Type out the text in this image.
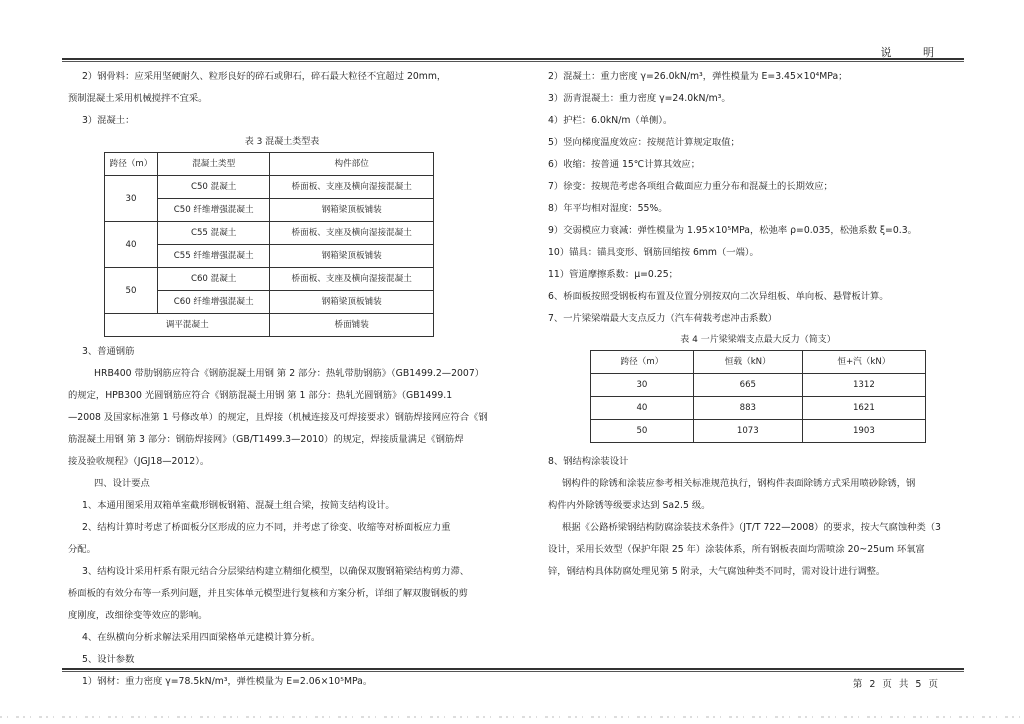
说 明
2）钢骨料：应采用坚硬耐久、粒形良好的碎石或卵石，碎石最大粒径不宜超过 20mm，
预制混凝土采用机械搅拌不宜采。
3）混凝土：
表 3 混凝土类型表
跨径（m）	混凝土类型	构件部位
30	C50 混凝土	桥面板、支座及横向湿接混凝土
	C50 纤维增强混凝土	钢箱梁顶板铺装
40	C55 混凝土	桥面板、支座及横向湿接混凝土
	C55 纤维增强混凝土	钢箱梁顶板铺装
50	C60 混凝土	桥面板、支座及横向湿接混凝土
	C60 纤维增强混凝土	钢箱梁顶板铺装
调平混凝土		桥面铺装
3、普通钢筋
HRB400 带肋钢筋应符合《钢筋混凝土用钢 第 2 部分：热轧带肋钢筋》（GB1499.2—2007）
的规定，HPB300 光圆钢筋应符合《钢筋混凝土用钢 第 1 部分：热轧光圆钢筋》（GB1499.1
—2008 及国家标准第 1 号修改单）的规定，且焊接（机械连接及可焊接要求）钢筋焊接网应符合《钢
筋混凝土用钢 第 3 部分：钢筋焊接网》（GB/T1499.3—2010）的规定，焊接质量满足《钢筋焊
接及验收规程》（JGJ18—2012）。
四、设计要点
1、本通用图采用双箱单室截形钢板钢箱、混凝土组合梁，按简支结构设计。
2、结构计算时考虑了桥面板分区形成的应力不同，并考虑了徐变、收缩等对桥面板应力重
分配。
3、结构设计采用杆系有限元结合分层梁结构建立精细化模型，以确保双腹钢箱梁结构剪力滞、
桥面板的有效分布等一系列问题，并且实体单元模型进行复核和方案分析，详细了解双腹钢板的剪
度刚度，改细徐变等效应的影响。
4、在纵横向分析求解法采用四面梁格单元建模计算分析。
5、设计参数
1）钢材：重力密度 γ=78.5kN/m³，弹性模量为 E=2.06×10⁵MPa。
2）混凝土：重力密度 γ=26.0kN/m³，弹性模量为 E=3.45×10⁴MPa；
3）沥青混凝土：重力密度 γ=24.0kN/m³。
4）护栏：6.0kN/m（单侧）。
5）竖向梯度温度效应：按规范计算规定取值；
6）收缩：按普通 15℃计算其效应；
7）徐变：按规范考虑各项组合截面应力重分布和混凝土的长期效应；
8）年平均相对湿度：55%。
9）交弱模应力衰减：弹性模量为 1.95×10⁵MPa，松弛率 ρ=0.035，松弛系数 ξ=0.3。
10）锚具：锚具变形、钢筋回缩按 6mm（一端）。
11）管道摩擦系数：μ=0.25；
6、桥面板按照受钢板构布置及位置分别按双向二次异组板、单向板、悬臂板计算。
7、一片梁梁端最大支点反力（汽车荷载考虑冲击系数）
表 4 一片梁梁端支点最大反力（简支）
跨径（m）	恒载（kN）	恒+汽（kN）
30	665	1312
40	883	1621
50	1073	1903
8、钢结构涂装设计
钢构件的除锈和涂装应参考相关标准规范执行，钢构件表面除锈方式采用喷砂除锈，钢
构件内外除锈等级要求达到 Sa2.5 级。
根据《公路桥梁钢结构防腐涂装技术条件》（JT/T 722—2008）的要求，按大气腐蚀种类（3
设计，采用长效型（保护年限 25 年）涂装体系，所有钢板表面均需喷涂 20~25um 环氧富
锌，钢结构具体防腐处理见第 5 附录，大气腐蚀种类不同时，需对设计进行调整。
第 2 页 共 5 页
